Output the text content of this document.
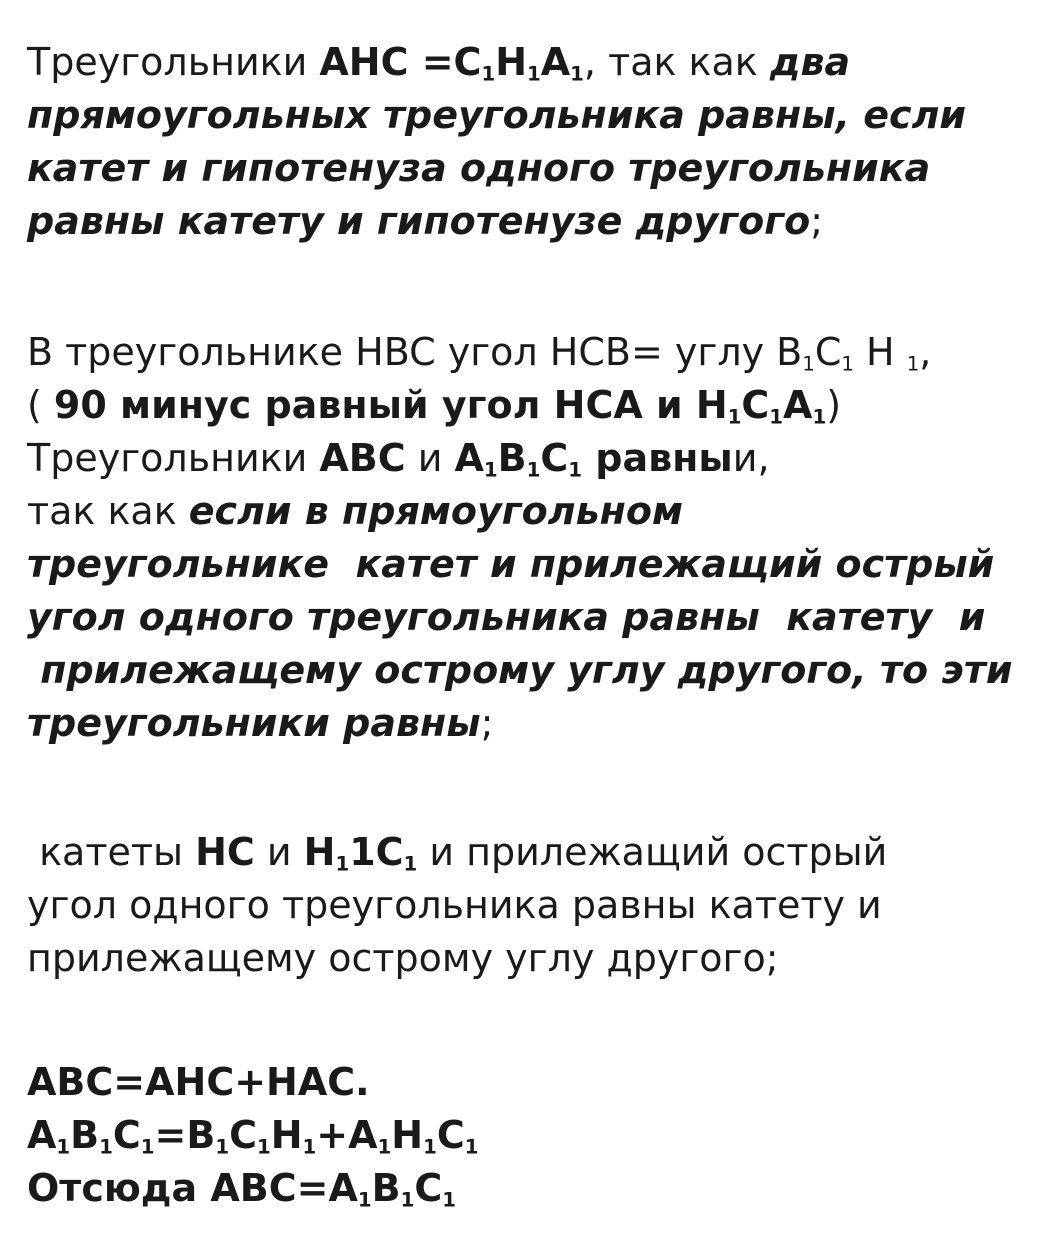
Треугольники AHC $=C_1H_1A_1$, так как два
прямоугольных треугольника равны, если
катет и гипотенуза одного треугольника
равны катету и гипотенузе другого;
В треугольнике HBC угол HCB= углу $B_1C_1$ H $_1$,
( 90 минус равный угол HCA и $H_1C_1A_1$)
Треугольники ABC и $A_1B_1C_1$ равныи,
так как если в прямоугольном
треугольнике  катет и прилежащий острый
угол одного треугольника равны  катету  и
прилежащему острому углу другого, то эти
треугольники равны;
катеты HC и $H_11C_1$ и прилежащий острый
угол одного треугольника равны катету и
прилежащему острому углу другого;
ABC=AHC+HAC.
$A_1B_1C_1=B_1C_1H_1+A_1H_1C_1$
Отсюда $ABC=A_1B_1C_1$
